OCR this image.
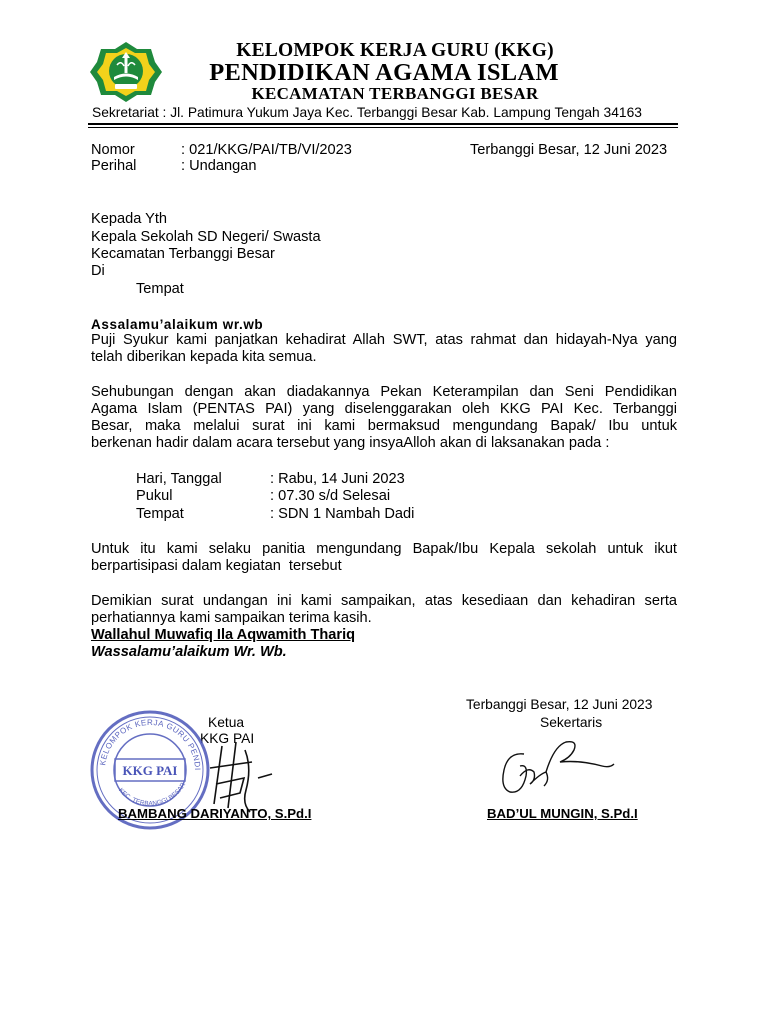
KELOMPOK KERJA GURU (KKG)
PENDIDIKAN AGAMA ISLAM
KECAMATAN TERBANGGI BESAR
Sekretariat : Jl. Patimura Yukum Jaya Kec. Terbanggi Besar Kab. Lampung Tengah 34163
Nomor	: 021/KKG/PAI/TB/VI/2023	Terbanggi Besar, 12 Juni 2023
Perihal	: Undangan
Kepada Yth
Kepala Sekolah SD Negeri/ Swasta
Kecamatan Terbanggi Besar
Di
Tempat
Assalamu’alaikum wr.wb
Puji Syukur kami panjatkan kehadirat Allah SWT, atas rahmat dan hidayah-Nya yang
telah diberikan kepada kita semua.
Sehubungan dengan akan diadakannya Pekan Keterampilan dan Seni Pendidikan
Agama Islam (PENTAS PAI) yang diselenggarakan oleh KKG PAI Kec. Terbanggi
Besar, maka melalui surat ini kami bermaksud mengundang Bapak/ Ibu untuk
berkenan hadir dalam acara tersebut yang insyaAlloh akan di laksanakan pada :
Hari, Tanggal	: Rabu, 14 Juni 2023
Pukul	: 07.30 s/d Selesai
Tempat	: SDN 1 Nambah Dadi
Untuk itu kami selaku panitia mengundang Bapak/Ibu Kepala sekolah untuk ikut
berpartisipasi dalam kegiatan  tersebut
Demikian surat undangan ini kami sampaikan, atas kesediaan dan kehadiran serta
perhatiannya kami sampaikan terima kasih.
Wallahul Muwafiq Ila Aqwamith Thariq
Wassalamu’alaikum Wr. Wb.
Terbanggi Besar, 12 Juni 2023
Ketua
KKG PAI
Sekertaris
KELOMPOK KERJA GURU PENDI
KEC. TERBANGGI BESAR
KKG PAI
BAMBANG DARIYANTO, S.Pd.I	BAD’UL MUNGIN, S.Pd.I
